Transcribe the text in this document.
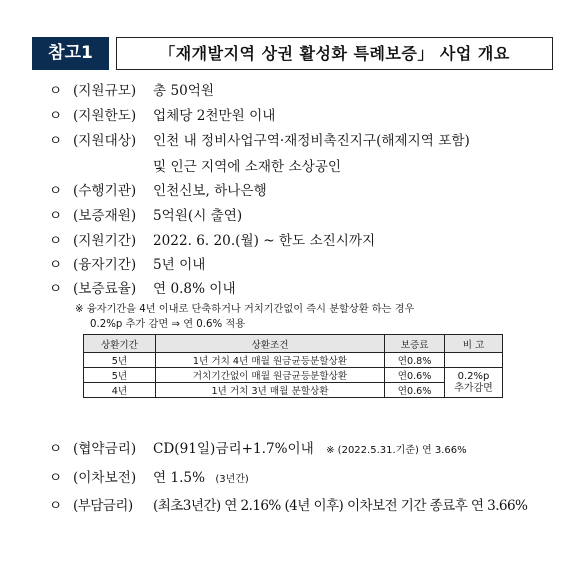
참고1	「재개발지역 상권 활성화 특례보증」 사업 개요
ㅇ (지원규모) 총 50억원
ㅇ (지원한도) 업체당 2천만원 이내
ㅇ (지원대상) 인천 내 정비사업구역·재정비촉진지구(해제지역 포함)
및 인근 지역에 소재한 소상공인
ㅇ (수행기관) 인천신보, 하나은행
ㅇ (보증재원) 5억원(시 출연)
ㅇ (지원기간) 2022. 6. 20.(월) ~ 한도 소진시까지
ㅇ (융자기간) 5년 이내
ㅇ (보증료율) 연 0.8% 이내
※ 융자기간을 4년 이내로 단축하거나 거치기간없이 즉시 분할상환 하는 경우
0.2%p 추가 감면 ⇒ 연 0.6% 적용
상환기간	상환조건	보증료	비 고
5년	1년 거치 4년 매월 원금균등분할상환	연0.8%	
5년	거치기간없이 매월 원금균등분할상환	연0.6%	0.2%p
추가감면
4년	1년 거치 3년 매월 분할상환	연0.6%	
ㅇ (협약금리) CD(91일)금리+1.7%이내 ※ (2022.5.31.기준) 연 3.66%
ㅇ (이차보전) 연 1.5% (3년간)
ㅇ (부담금리) (최초3년간) 연 2.16% (4년 이후) 이차보전 기간 종료후 연 3.66%
